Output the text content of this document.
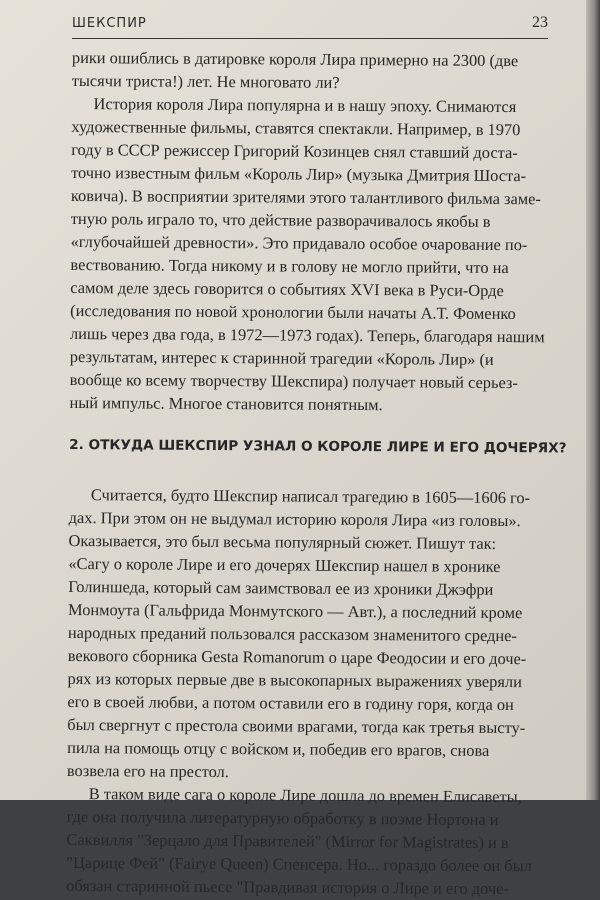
ШЕКСПИР	23
рики ошиблись в датировке короля Лира примерно на 2300 (две
тысячи триста!) лет. Не многовато ли?
История короля Лира популярна и в нашу эпоху. Снимаются
художественные фильмы, ставятся спектакли. Например, в 1970
году в СССР режиссер Григорий Козинцев снял ставший доста-
точно известным фильм «Король Лир» (музыка Дмитрия Шоста-
ковича). В восприятии зрителями этого талантливого фильма заме-
тную роль играло то, что действие разворачивалось якобы в
«глубочайшей древности». Это придавало особое очарование по-
вествованию. Тогда никому и в голову не могло прийти, что на
самом деле здесь говорится о событиях XVI века в Руси-Орде
(исследования по новой хронологии были начаты А.Т. Фоменко
лишь через два года, в 1972—1973 годах). Теперь, благодаря нашим
результатам, интерес к старинной трагедии «Король Лир» (и
вообще ко всему творчеству Шекспира) получает новый серьез-
ный импульс. Многое становится понятным.
2. ОТКУДА ШЕКСПИР УЗНАЛ О КОРОЛЕ ЛИРЕ И ЕГО ДОЧЕРЯХ?
Считается, будто Шекспир написал трагедию в 1605—1606 го-
дах. При этом он не выдумал историю короля Лира «из головы».
Оказывается, это был весьма популярный сюжет. Пишут так:
«Сагу о короле Лире и его дочерях Шекспир нашел в хронике
Голиншеда, который сам заимствовал ее из хроники Джэфри
Монмоута (Гальфрида Монмутского — Авт.), а последний кроме
народных преданий пользовался рассказом знаменитого средне-
векового сборника Gesta Romanorum о царе Феодосии и его доче-
рях из которых первые две в высокопарных выражениях уверяли
его в своей любви, а потом оставили его в годину горя, когда он
был свергнут с престола своими врагами, тогда как третья высту-
пила на помощь отцу с войском и, победив его врагов, снова
возвела его на престол.
В таком виде сага о короле Лире дошла до времен Елисаветы,
где она получила литературную обработку в поэме Нортона и
Саквилля "Зерцало для Правителей" (Mirror for Magistrates) и в
"Царице Фей" (Fairye Queen) Спенсера. Но... гораздо более он был
обязан старинной пьесе "Правдивая история о Лире и его доче-
